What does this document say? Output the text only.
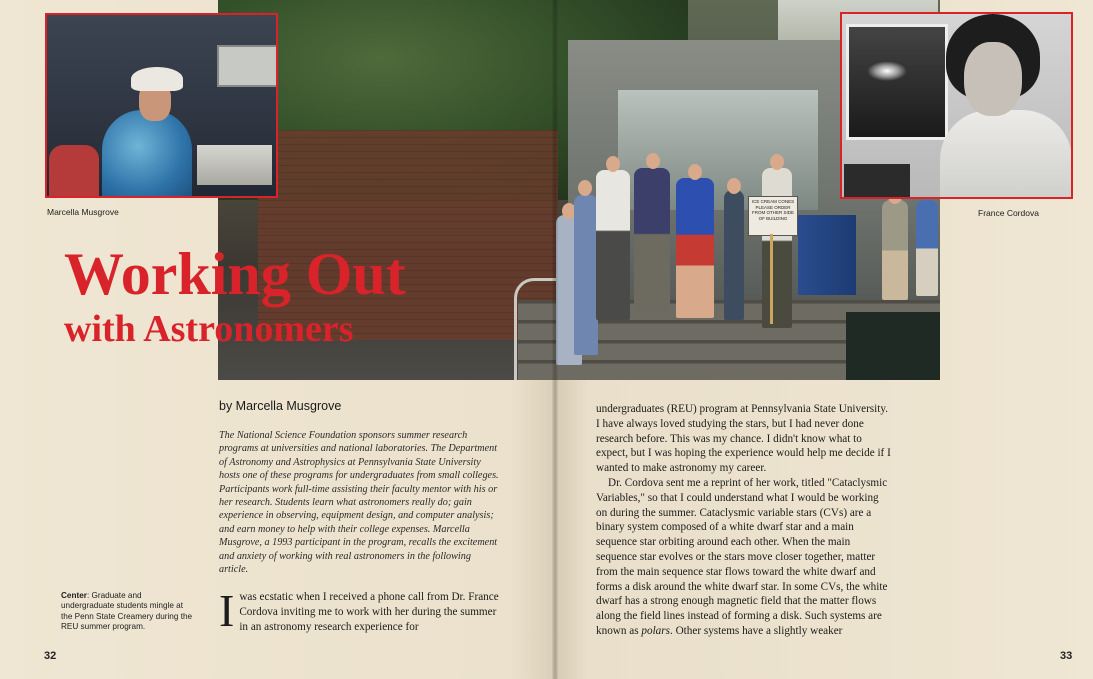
ICE CREAM CONES PLEASE ORDER FROM OTHER SIDE OF BUILDING
Marcella Musgrove	France Cordova
Working Out
with Astronomers
by Marcella Musgrove

The National Science Foundation sponsors summer research programs at universities and national laboratories. The Department of Astronomy and Astrophysics at Pennsylvania State University hosts one of these programs for undergraduates from small colleges. Participants work full-time assisting their faculty mentor with his or her research. Students learn what astronomers really do; gain experience in observing, equipment design, and computer analysis; and earn money to help with their college expenses. Marcella Musgrove, a 1993 participant in the program, recalls the excitement and anxiety of working with real astronomers in the following article.

Center: Graduate and undergraduate students mingle at the Penn State Creamery during the REU summer program.	Iwas ecstatic when I received a phone call from Dr. France Cordova inviting me to work with her during the summer in an astronomy research experience for

undergraduates (REU) program at Pennsylvania State University. I have always loved studying the stars, but I had never done research before. This was my chance. I didn't know what to expect, but I was hoping the experience would help me decide if I wanted to make astronomy my career.

Dr. Cordova sent me a reprint of her work, titled "Cataclysmic Variables," so that I could understand what I would be working on during the summer. Cataclysmic variable stars (CVs) are a binary system composed of a white dwarf star and a main sequence star orbiting around each other. When the main sequence star evolves or the stars move closer together, matter from the main sequence star flows toward the white dwarf and forms a disk around the white dwarf star. In some CVs, the white dwarf has a strong enough magnetic field that the matter flows along the field lines instead of forming a disk. Such systems are known as polars. Other systems have a slightly weaker

32	33
